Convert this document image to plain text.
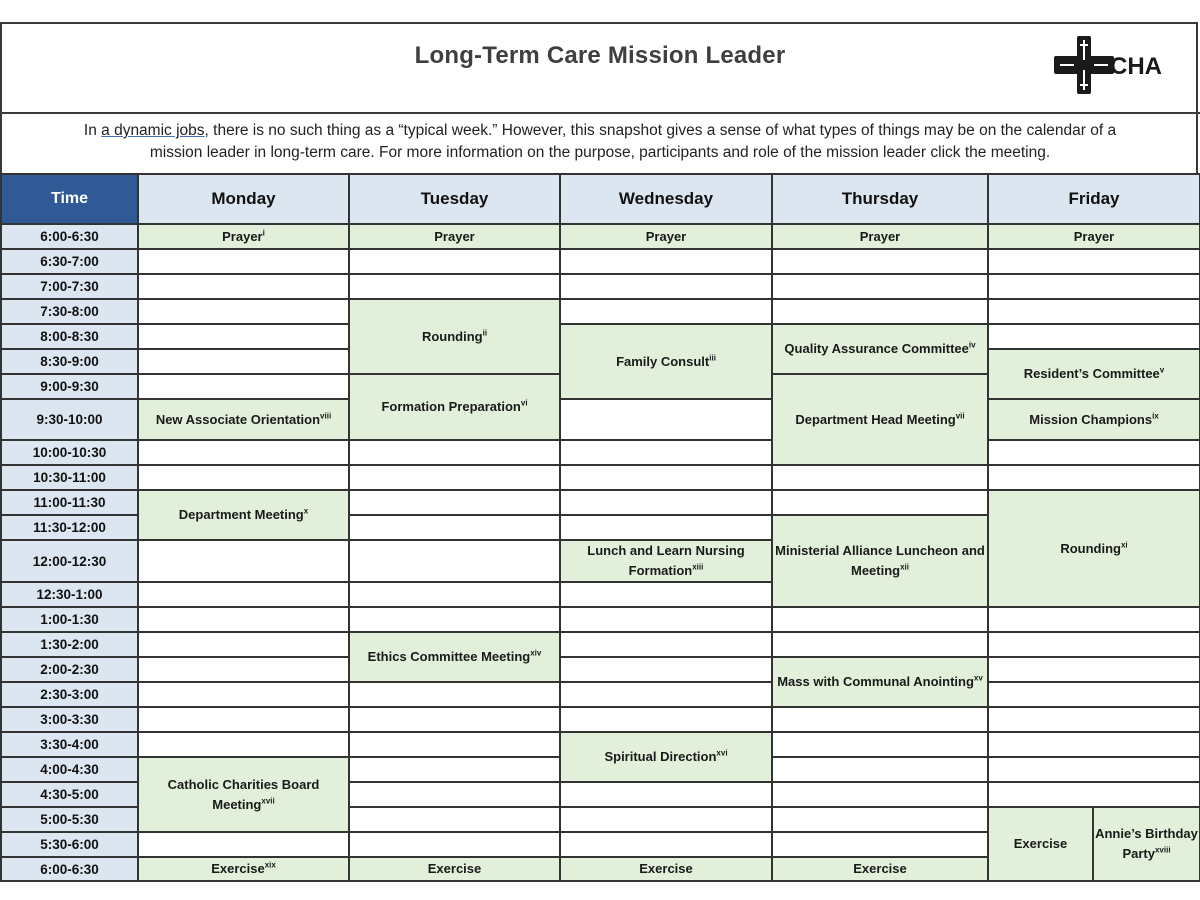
Long-Term Care Mission Leader	CHA
In a dynamic jobs, there is no such thing as a “typical week.” However, this snapshot gives a sense of what types of things may be on the calendar of a
mission leader in long-term care. For more information on the purpose, participants and role of the mission leader click the meeting.
Time	Monday	Tuesday	Wednesday	Thursday	Friday	
6:00-6:30	Prayer$^i$	Prayer	Prayer	Prayer	Prayer	
6:30-7:00						
7:00-7:30						
7:30-8:00		Rounding$^{ii}$			
8:00-8:30			Family Consult$^{iii}$	Quality Assurance Committee$^{iv}$	
8:30-9:00					Resident’s Committee$^v$
9:00-9:30		Formation Preparation$^{vi}$		Department Head Meeting$^{vii}$
9:30-10:00	New Associate Orientation$^{viii}$				Mission Champions$^{ix}$
10:00-10:30						
10:30-11:00						
11:00-11:30	Department Meeting$^x$				Rounding$^{xi}$
11:30-12:00				Ministerial Alliance Luncheon and Meeting$^{xii}$
12:00-12:30			Lunch and Learn Nursing Formation$^{xiii}$
12:30-1:00						
1:00-1:30						
1:30-2:00		Ethics Committee Meeting$^{xiv}$			
2:00-2:30				Mass with Communal Anointing$^{xv}$	
2:30-3:00						
3:00-3:30						
3:30-4:00			Spiritual Direction$^{xvi}$		
4:00-4:30	Catholic Charities Board Meeting$^{xvii}$			
4:30-5:00						
5:00-5:30					Exercise	Annie’s Birthday Party$^{xviii}$
5:30-6:00						
6:00-6:30	Exercise$^{xix}$	Exercise	Exercise	Exercise		
